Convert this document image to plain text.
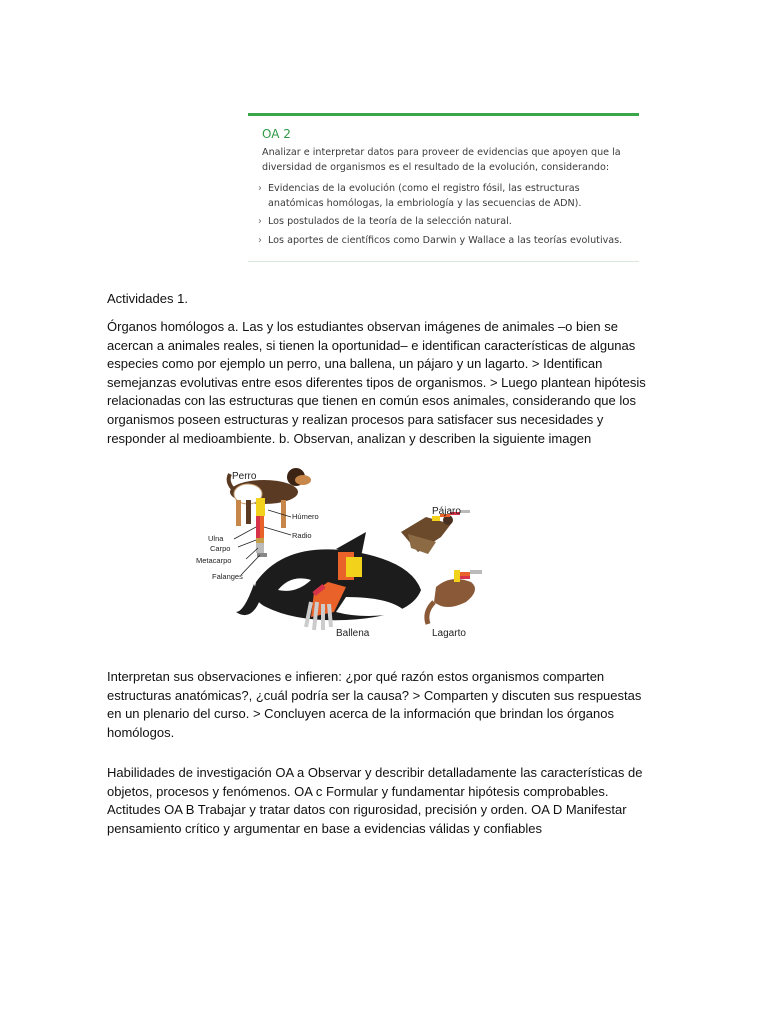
OA 2
Analizar e interpretar datos para proveer de evidencias que apoyen que la diversidad de organismos es el resultado de la evolución, considerando:
› Evidencias de la evolución (como el registro fósil, las estructuras anatómicas homólogas, la embriología y las secuencias de ADN).
› Los postulados de la teoría de la selección natural.
› Los aportes de científicos como Darwin y Wallace a las teorías evolutivas.
Actividades 1.
Órganos homólogos a. Las y los estudiantes observan imágenes de animales –o bien se acercan a animales reales, si tienen la oportunidad– e identifican características de algunas especies como por ejemplo un perro, una ballena, un pájaro y un lagarto. > Identifican semejanzas evolutivas entre esos diferentes tipos de organismos. > Luego plantean hipótesis relacionadas con las estructuras que tienen en común esos animales, considerando que los organismos poseen estructuras y realizan procesos para satisfacer sus necesidades y responder al medioambiente. b. Observan, analizan y describen la siguiente imagen
Perro
Pájaro
Húmero
Radio
Ulna
Carpo
Metacarpo
Falanges
Ballena	Lagarto
Interpretan sus observaciones e infieren: ¿por qué razón estos organismos comparten estructuras anatómicas?, ¿cuál podría ser la causa? > Comparten y discuten sus respuestas en un plenario del curso. > Concluyen acerca de la información que brindan los órganos homólogos.
Habilidades de investigación OA a Observar y describir detalladamente las características de objetos, procesos y fenómenos. OA c Formular y fundamentar hipótesis comprobables. Actitudes OA B Trabajar y tratar datos con rigurosidad, precisión y orden. OA D Manifestar pensamiento crítico y argumentar en base a evidencias válidas y confiables
